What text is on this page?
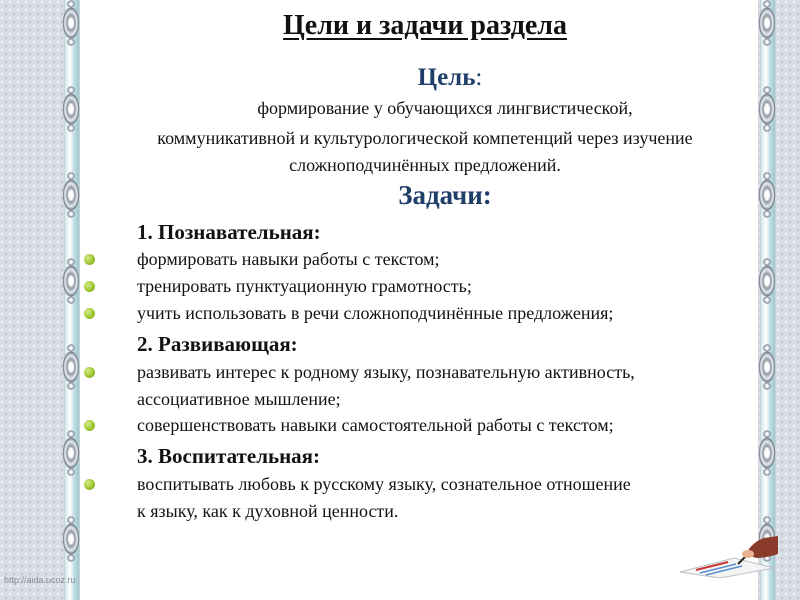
Цели и задачи раздела
Цель:
формирование у обучающихся лингвистической,
коммуникативной и культурологической компетенций через изучение
сложноподчинённых предложений.
Задачи:
1. Познавательная:
формировать навыки работы с текстом;
тренировать пунктуационную грамотность;
учить использовать в речи сложноподчинённые предложения;
2. Развивающая:
развивать интерес к родному языку, познавательную активность,
ассоциативное мышление;
совершенствовать навыки самостоятельной работы с текстом;
3. Воспитательная:
воспитывать любовь к русскому языку, сознательное отношение
к языку, как к духовной ценности.
http://aida.ucoz.ru
